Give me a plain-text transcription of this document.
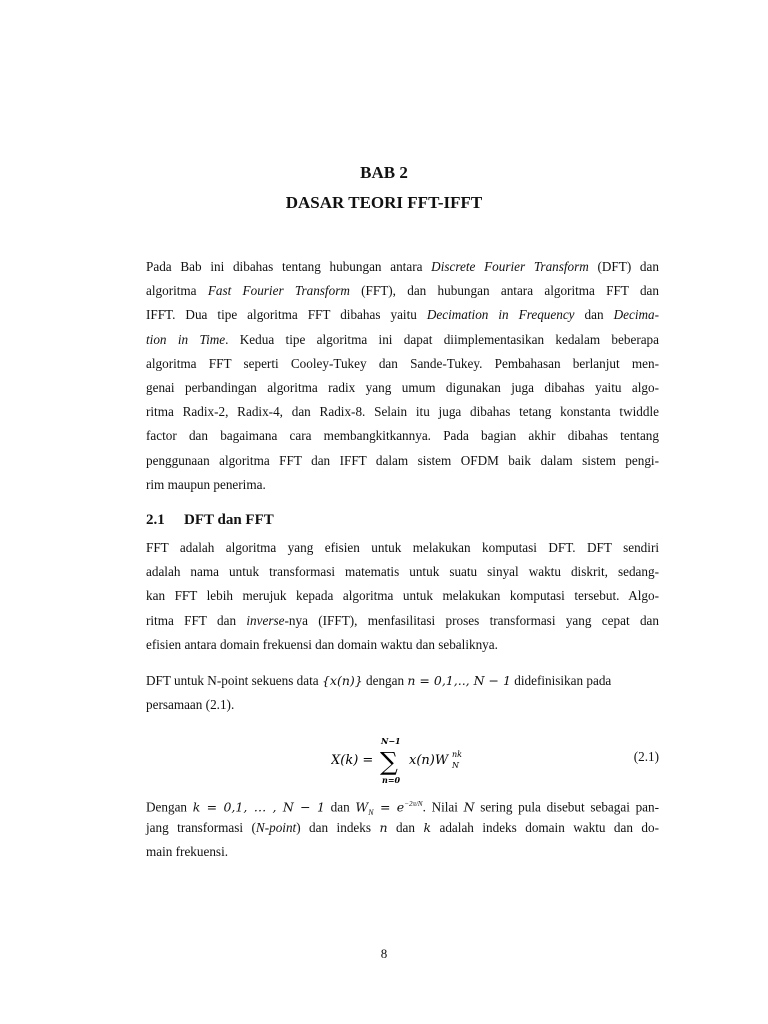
BAB 2
DASAR TEORI FFT-IFFT
Pada Bab ini dibahas tentang hubungan antara Discrete Fourier Transform (DFT) dan
algoritma Fast Fourier Transform (FFT), dan hubungan antara algoritma FFT dan
IFFT. Dua tipe algoritma FFT dibahas yaitu Decimation in Frequency dan Decima-
tion in Time. Kedua tipe algoritma ini dapat diimplementasikan kedalam beberapa
algoritma FFT seperti Cooley-Tukey dan Sande-Tukey. Pembahasan berlanjut men-
genai perbandingan algoritma radix yang umum digunakan juga dibahas yaitu algo-
ritma Radix-2, Radix-4, dan Radix-8. Selain itu juga dibahas tetang konstanta twiddle
factor dan bagaimana cara membangkitkannya. Pada bagian akhir dibahas tentang
penggunaan algoritma FFT dan IFFT dalam sistem OFDM baik dalam sistem pengi-
rim maupun penerima.
2.1 DFT dan FFT
FFT adalah algoritma yang efisien untuk melakukan komputasi DFT. DFT sendiri
adalah nama untuk transformasi matematis untuk suatu sinyal waktu diskrit, sedang-
kan FFT lebih merujuk kepada algoritma untuk melakukan komputasi tersebut. Algo-
ritma FFT dan inverse-nya (IFFT), menfasilitasi proses transformasi yang cepat dan
efisien antara domain frekuensi dan domain waktu dan sebaliknya.
DFT untuk N-point sekuens data {x(n)} dengan n = 0,1,.., N − 1 didefinisikan pada
persamaan (2.1).
X(k) =
N−1
∑
n=0
x(n)W N
nk	(2.1)
Dengan k = 0,1, … , N − 1 dan $W_N = e^{-2\pi/N}$. Nilai N sering pula disebut sebagai pan-
jang transformasi (N-point) dan indeks n dan k adalah indeks domain waktu dan do-
main frekuensi.
8
